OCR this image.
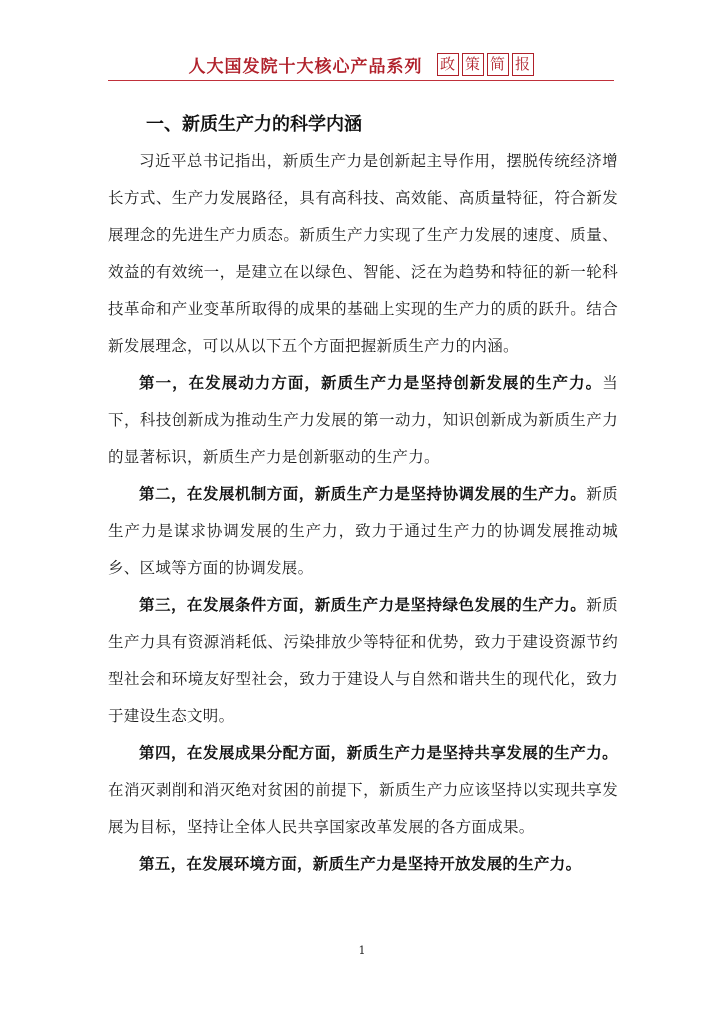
人大国发院十大核心产品系列 政 策 简 报
一、新质生产力的科学内涵

习近平总书记指出，新质生产力是创新起主导作用，摆脱传统经济增长方式、生产力发展路径，具有高科技、高效能、高质量特征，符合新发展理念的先进生产力质态。新质生产力实现了生产力发展的速度、质量、效益的有效统一，是建立在以绿色、智能、泛在为趋势和特征的新一轮科技革命和产业变革所取得的成果的基础上实现的生产力的质的跃升。结合新发展理念，可以从以下五个方面把握新质生产力的内涵。

第一，在发展动力方面，新质生产力是坚持创新发展的生产力。当下，科技创新成为推动生产力发展的第一动力，知识创新成为新质生产力的显著标识，新质生产力是创新驱动的生产力。

第二，在发展机制方面，新质生产力是坚持协调发展的生产力。新质生产力是谋求协调发展的生产力，致力于通过生产力的协调发展推动城乡、区域等方面的协调发展。

第三，在发展条件方面，新质生产力是坚持绿色发展的生产力。新质生产力具有资源消耗低、污染排放少等特征和优势，致力于建设资源节约型社会和环境友好型社会，致力于建设人与自然和谐共生的现代化，致力于建设生态文明。

第四，在发展成果分配方面，新质生产力是坚持共享发展的生产力。在消灭剥削和消灭绝对贫困的前提下，新质生产力应该坚持以实现共享发展为目标，坚持让全体人民共享国家改革发展的各方面成果。

第五，在发展环境方面，新质生产力是坚持开放发展的生产力。

1
